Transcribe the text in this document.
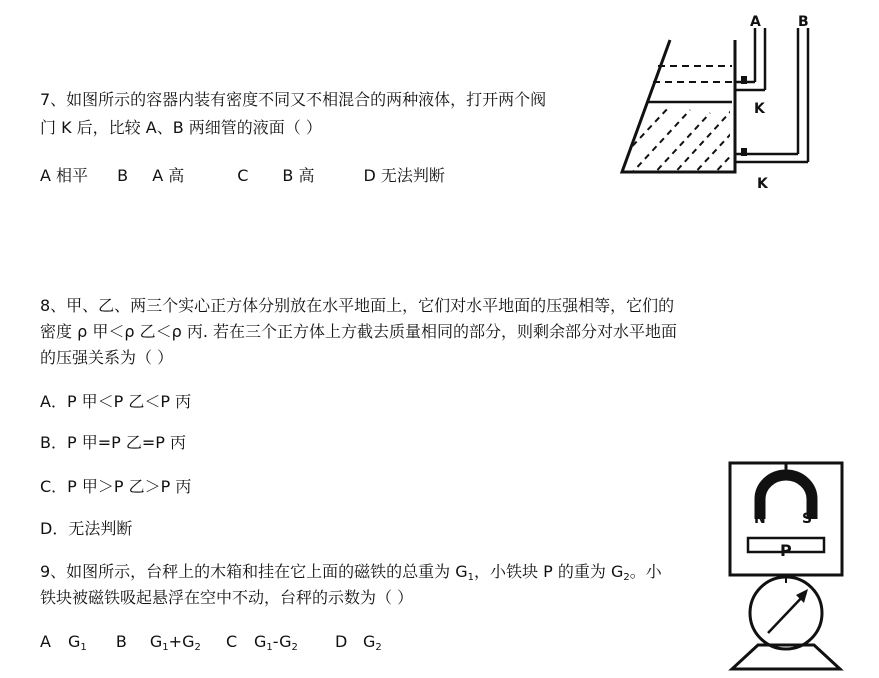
7、如图所示的容器内装有密度不同又不相混合的两种液体，打开两个阀
门 K 后，比较 A、B 两细管的液面（ ）
A 相平 B A 高	C B 高	D 无法判断
A	B
K
K
8、甲、乙、两三个实心正方体分别放在水平地面上，它们对水平地面的压强相等，它们的
密度 ρ 甲＜ρ 乙＜ρ 丙. 若在三个正方体上方截去质量相同的部分，则剩余部分对水平地面
的压强关系为（ ）
A．P 甲＜P 乙＜P 丙
B．P 甲=P 乙=P 丙
C．P 甲＞P 乙＞P 丙
D．无法判断
9、如图所示，台秤上的木箱和挂在它上面的磁铁的总重为 $G_1$，小铁块 P 的重为 $G_2$。小
铁块被磁铁吸起悬浮在空中不动，台秤的示数为（ ）
A $G_1$ B $G_1+G_2$ C $G_1-G_2$ D $G_2$
N	S
P
